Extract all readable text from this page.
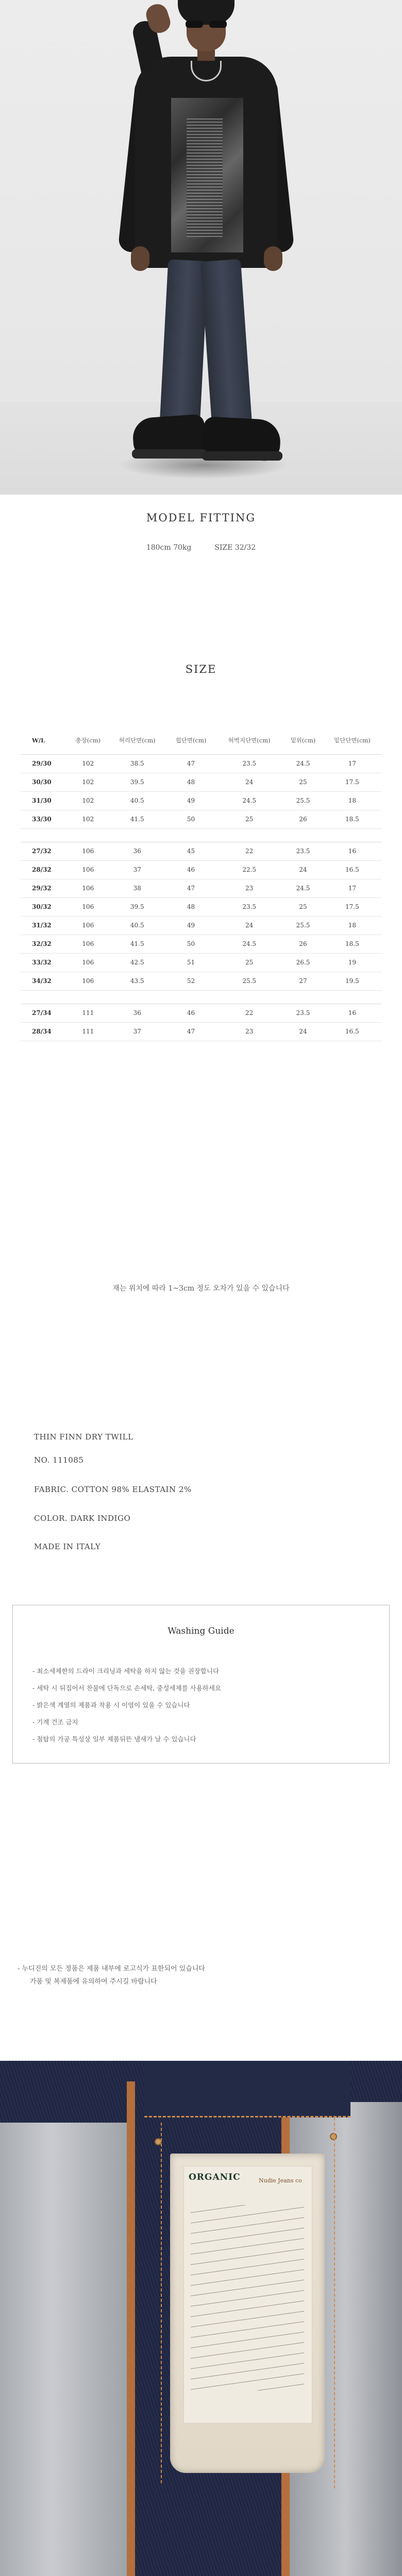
MODEL FITTING
180cm 70kg	SIZE 32/32
SIZE
W/L	총장(cm)	허리단면(cm)	힙단면(cm)	허벅지단면(cm)	밑위(cm)	밑단단면(cm)
29/30	102	38.5	47	23.5	24.5	17
30/30	102	39.5	48	24	25	17.5
31/30	102	40.5	49	24.5	25.5	18
33/30	102	41.5	50	25	26	18.5

27/32	106	36	45	22	23.5	16
28/32	106	37	46	22.5	24	16.5
29/32	106	38	47	23	24.5	17
30/32	106	39.5	48	23.5	25	17.5
31/32	106	40.5	49	24	25.5	18
32/32	106	41.5	50	24.5	26	18.5
33/32	106	42.5	51	25	26.5	19
34/32	106	43.5	52	25.5	27	19.5

27/34	111	36	46	22	23.5	16
28/34	111	37	47	23	24	16.5
재는 위치에 따라 1~3cm 정도 오차가 있을 수 있습니다
THIN FINN DRY TWILL
NO. 111085
FABRIC. COTTON 98% ELASTAIN 2%
COLOR. DARK INDIGO
MADE IN ITALY
Washing Guide
- 최소세제한의 드라이 크리닝과 세탁을 하지 않는 것을 권장합니다
- 세탁 시 뒤집어서 찬물에 단독으로 손세탁, 중성세제를 사용하세요
- 밝은색 계열의 제품과 착용 시 이염이 있을 수 있습니다
- 기계 건조 금지
- 첨탑의 가공 특성상 일부 제품뒤뜬 냄새가 날 수 있습니다
- 누디진의 모든 정품은 제품 내부에 로고식가 표한되어 있습니다
가품 및 복제품에 유의하여 주시길 바랍니다
ORGANIC	Nudie Jeans co
